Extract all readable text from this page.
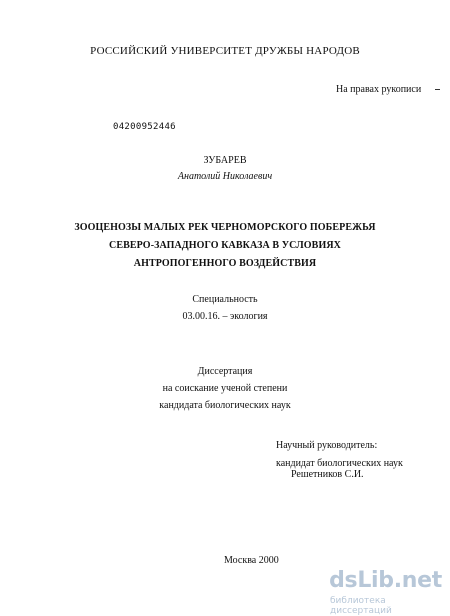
РОССИЙСКИЙ УНИВЕРСИТЕТ ДРУЖБЫ НАРОДОВ
На правах рукописи
04200952446
ЗУБАРЕВ
Анатолий Николаевич
ЗООЦЕНОЗЫ МАЛЫХ РЕК ЧЕРНОМОРСКОГО ПОБЕРЕЖЬЯ
СЕВЕРО-ЗАПАДНОГО КАВКАЗА В УСЛОВИЯХ
АНТРОПОГЕННОГО ВОЗДЕЙСТВИЯ
Специальность
03.00.16. – экология
Диссертация
на соискание ученой степени
кандидата биологических наук
Научный руководитель:
кандидат биологических наук
Решетников С.И.
Москва 2000
dsLib.net
библиотека диссертаций
